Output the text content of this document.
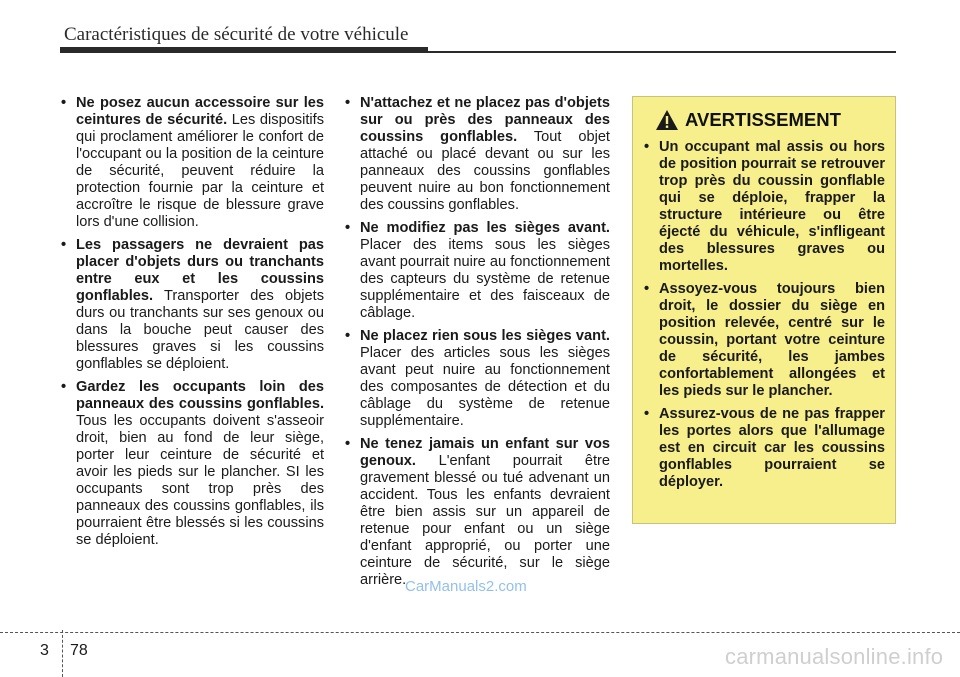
Caractéristiques de sécurité de votre véhicule
• Ne posez aucun accessoire sur les ceintures de sécurité. Les dispositifs qui proclament améliorer le confort de l'occupant ou la position de la ceinture de sécurité, peuvent réduire la protection fournie par la ceinture et accroître le risque de blessure grave lors d'une collision.
• Les passagers ne devraient pas placer d'objets durs ou tranchants entre eux et les coussins gonflables. Transporter des objets durs ou tranchants sur ses genoux ou dans la bouche peut causer des blessures graves si les coussins gonflables se déploient.
• Gardez les occupants loin des panneaux des coussins gonflables. Tous les occupants doivent s'asseoir droit, bien au fond de leur siège, porter leur ceinture de sécurité et avoir les pieds sur le plancher. SI les occupants sont trop près des panneaux des coussins gonflables, ils pourraient être blessés si les coussins se déploient.
• N'attachez et ne placez pas d'objets sur ou près des panneaux des coussins gonflables. Tout objet attaché ou placé devant ou sur les panneaux des coussins gonflables peuvent nuire au bon fonctionnement des coussins gonflables.
• Ne modifiez pas les sièges avant. Placer des items sous les sièges avant pourrait nuire au fonctionnement des capteurs du système de retenue supplémentaire et des faisceaux de câblage.
• Ne placez rien sous les sièges vant. Placer des articles sous les sièges avant peut nuire au fonctionnement des composantes de détection et du câblage du système de retenue supplémentaire.
• Ne tenez jamais un enfant sur vos genoux. L'enfant pourrait être gravement blessé ou tué advenant un accident. Tous les enfants devraient être bien assis sur un appareil de retenue pour enfant ou un siège d'enfant approprié, ou porter une ceinture de sécurité, sur le siège arrière.
AVERTISSEMENT
• Un occupant mal assis ou hors de position pourrait se retrouver trop près du coussin gonflable qui se déploie, frapper la structure intérieure ou être éjecté du véhicule, s'infligeant des blessures graves ou mortelles.
• Assoyez-vous toujours bien droit, le dossier du siège en position relevée, centré sur le coussin, portant votre ceinture de sécurité, les jambes confortablement allongées et les pieds sur le plancher.
• Assurez-vous de ne pas frapper les portes alors que l'allumage est en circuit car les coussins gonflables pourraient se déployer.
CarManuals2.com
3 78	carmanualsonline.info
